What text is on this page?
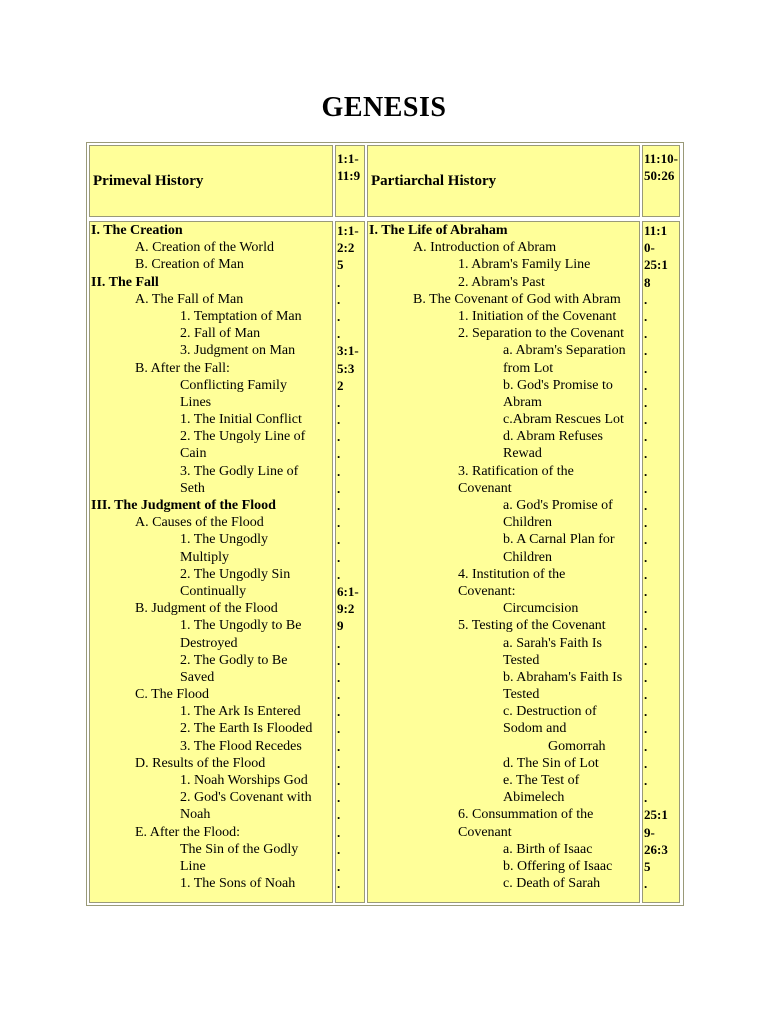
GENESIS
Primeval History
1:1-11:9 Partiarchal History
11:10-50:26
I. The Creation
A. Creation of the World
B. Creation of Man
II. The Fall
A. The Fall of Man
1. Temptation of Man
2. Fall of Man
3. Judgment on Man
B. After the Fall:
Conflicting Family
Lines
1. The Initial Conflict
2. The Ungoly Line of
Cain
3. The Godly Line of
Seth
III. The Judgment of the Flood
A. Causes of the Flood
1. The Ungodly
Multiply
2. The Ungodly Sin
Continually
B. Judgment of the Flood
1. The Ungodly to Be
Destroyed
2. The Godly to Be
Saved
C. The Flood
1. The Ark Is Entered
2. The Earth Is Flooded
3. The Flood Recedes
D. Results of the Flood
1. Noah Worships God
2. God's Covenant with
Noah
E. After the Flood:
The Sin of the Godly
Line
1. The Sons of Noah
1:1-
2:2
5
.
.
.
.
3:1-
5:3
2
.
.
.
.
.
.
.
.
.
.
.
6:1-
9:2
9
.
.
.
.
.
.
.
.
.
.
.
.
.
.
.
I. The Life of Abraham
A. Introduction of Abram
1. Abram's Family Line
2. Abram's Past
B. The Covenant of God with Abram
1. Initiation of the Covenant
2. Separation to the Covenant
a. Abram's Separation
from Lot
b. God's Promise to
Abram
c.Abram Rescues Lot
d. Abram Refuses
Rewad
3. Ratification of the
Covenant
a. God's Promise of
Children
b. A Carnal Plan for
Children
4. Institution of the
Covenant:
Circumcision
5. Testing of the Covenant
a. Sarah's Faith Is
Tested
b. Abraham's Faith Is
Tested
c. Destruction of
Sodom and
Gomorrah
d. The Sin of Lot
e. The Test of
Abimelech
6. Consummation of the
Covenant
a. Birth of Isaac
b. Offering of Isaac
c. Death of Sarah
11:1
0-
25:1
8
.
.
.
.
.
.
.
.
.
.
.
.
.
.
.
.
.
.
.
.
.
.
.
.
.
.
.
.
.
.
25:1
9-
26:3
5
.
